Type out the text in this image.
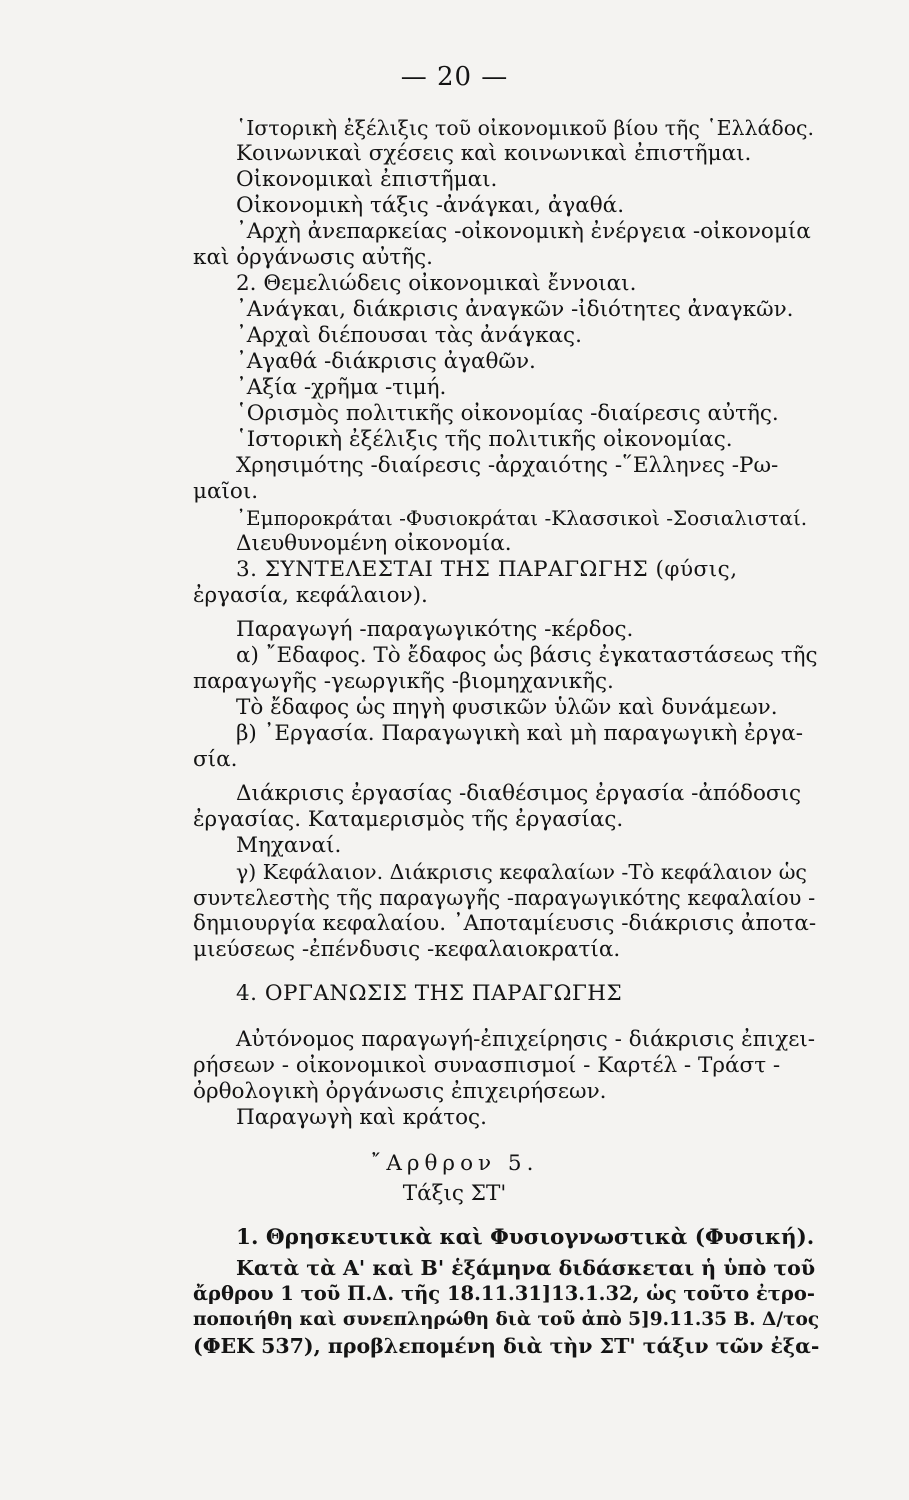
— 20 —
῾Ιστορικὴ ἐξέλιξις τοῦ οἰκονομικοῦ βίου τῆς ῾Ελλάδος.
Κοινωνικαὶ σχέσεις καὶ κοινωνικαὶ ἐπιστῆμαι.
Οἰκονομικαὶ ἐπιστῆμαι.
Οἰκονομικὴ τάξις -ἀνάγκαι, ἀγαθά.
᾿Αρχὴ ἀνεπαρκείας -οἰκονομικὴ ἐνέργεια -οἰκονομία
καὶ ὀργάνωσις αὐτῆς.
2. Θεμελιώδεις οἰκονομικαὶ ἔννοιαι.
᾿Ανάγκαι, διάκρισις ἀναγκῶν -ἰδιότητες ἀναγκῶν.
᾿Αρχαὶ διέπουσαι τὰς ἀνάγκας.
᾿Αγαθά -διάκρισις ἀγαθῶν.
᾿Αξία -χρῆμα -τιμή.
῾Ορισμὸς πολιτικῆς οἰκονομίας -διαίρεσις αὐτῆς.
῾Ιστορικὴ ἐξέλιξις τῆς πολιτικῆς οἰκονομίας.
Χρησιμότης -διαίρεσις -ἀρχαιότης -῞Ελληνες -Ρω-
μαῖοι.
᾿Εμποροκράται -Φυσιοκράται -Κλασσικοὶ -Σοσιαλισταί.
Διευθυνομένη οἰκονομία.
3. ΣΥΝΤΕΛΕΣΤΑΙ ΤΗΣ ΠΑΡΑΓΩΓΗΣ (φύσις,
ἐργασία, κεφάλαιον).
Παραγωγή -παραγωγικότης -κέρδος.
α) ῎Εδαφος. Τὸ ἔδαφος ὡς βάσις ἐγκαταστάσεως τῆς
παραγωγῆς -γεωργικῆς -βιομηχανικῆς.
Τὸ ἔδαφος ὡς πηγὴ φυσικῶν ὑλῶν καὶ δυνάμεων.
β) ᾿Εργασία. Παραγωγικὴ καὶ μὴ παραγωγικὴ ἐργα-
σία.
Διάκρισις ἐργασίας -διαθέσιμος ἐργασία -ἀπόδοσις
ἐργασίας. Καταμερισμὸς τῆς ἐργασίας.
Μηχαναί.
γ) Κεφάλαιον. Διάκρισις κεφαλαίων -Τὸ κεφάλαιον ὡς
συντελεστὴς τῆς παραγωγῆς -παραγωγικότης κεφαλαίου -
δημιουργία κεφαλαίου. ᾿Αποταμίευσις -διάκρισις ἀποτα-
μιεύσεως -ἐπένδυσις -κεφαλαιοκρατία.
4. ΟΡΓΑΝΩΣΙΣ ΤΗΣ ΠΑΡΑΓΩΓΗΣ
Αὐτόνομος παραγωγή-ἐπιχείρησις - διάκρισις ἐπιχει-
ρήσεων - οἰκονομικοὶ συνασπισμοί - Καρτέλ - Τράστ -
ὀρθολογικὴ ὀργάνωσις ἐπιχειρήσεων.
Παραγωγὴ καὶ κράτος.
῎Αρθρον 5.
Τάξις ΣΤ'
1. Θρησκευτικὰ καὶ Φυσιογνωστικὰ (Φυσική).
Κατὰ τὰ Α' καὶ Β' ἑξάμηνα διδάσκεται ἡ ὑπὸ τοῦ
ἄρθρου 1 τοῦ Π.Δ. τῆς 18.11.31]13.1.32, ὡς τοῦτο ἐτρο-
ποποιήθη καὶ συνεπληρώθη διὰ τοῦ ἀπὸ 5]9.11.35 Β. Δ/τος
(ΦΕΚ 537), προβλεπομένη διὰ τὴν ΣΤ' τάξιν τῶν ἐξα-
